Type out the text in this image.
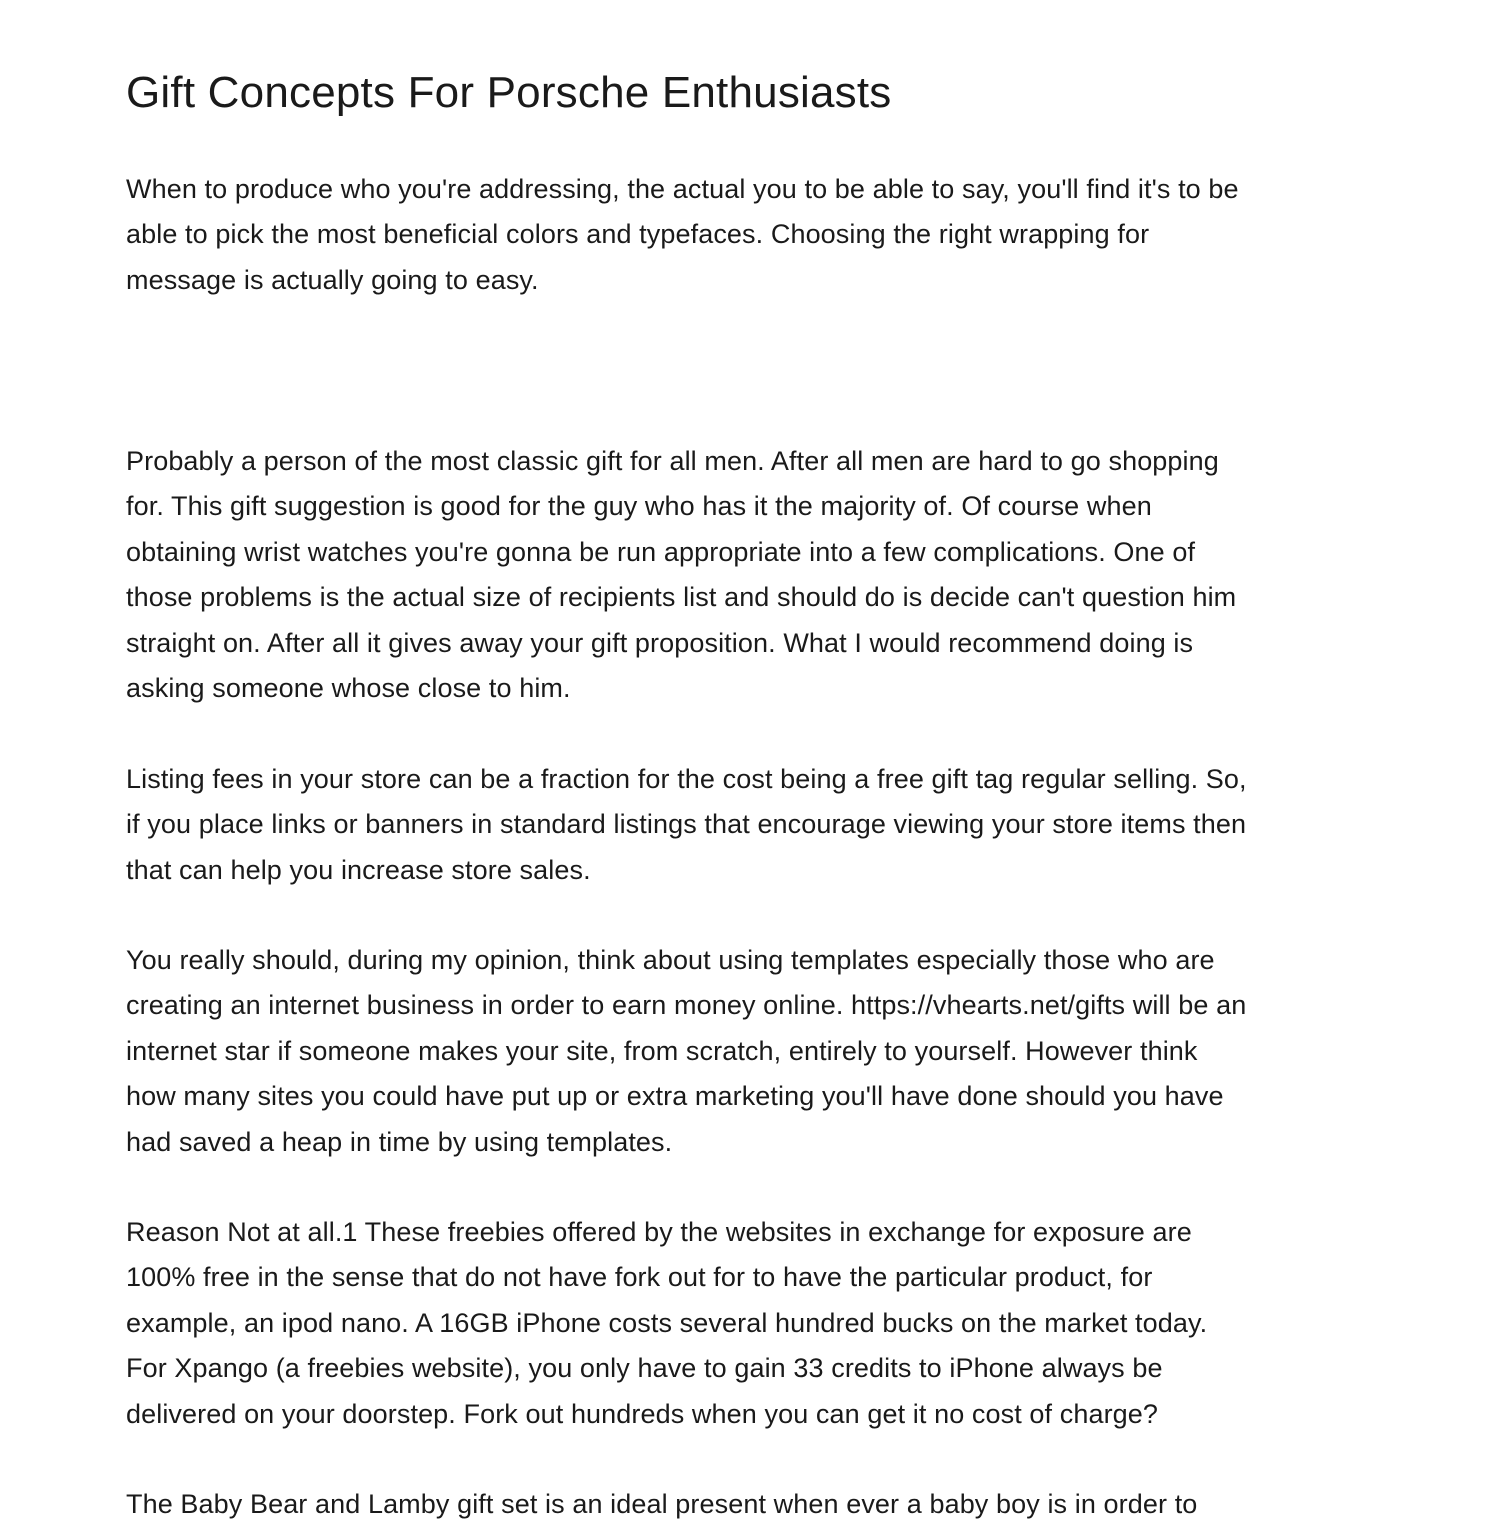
Gift Concepts For Porsche Enthusiasts

When to produce who you're addressing, the actual you to be able to say, you'll find it's to be
able to pick the most beneficial colors and typefaces. Choosing the right wrapping for
message is actually going to easy.

Probably a person of the most classic gift for all men. After all men are hard to go shopping
for. This gift suggestion is good for the guy who has it the majority of. Of course when
obtaining wrist watches you're gonna be run appropriate into a few complications. One of
those problems is the actual size of recipients list and should do is decide can't question him
straight on. After all it gives away your gift proposition. What I would recommend doing is
asking someone whose close to him.

Listing fees in your store can be a fraction for the cost being a free gift tag regular selling. So,
if you place links or banners in standard listings that encourage viewing your store items then
that can help you increase store sales.

You really should, during my opinion, think about using templates especially those who are
creating an internet business in order to earn money online. https://vhearts.net/gifts will be an
internet star if someone makes your site, from scratch, entirely to yourself. However think
how many sites you could have put up or extra marketing you'll have done should you have
had saved a heap in time by using templates.

Reason Not at all.1 These freebies offered by the websites in exchange for exposure are
100% free in the sense that do not have fork out for to have the particular product, for
example, an ipod nano. A 16GB iPhone costs several hundred bucks on the market today.
For Xpango (a freebies website), you only have to gain 33 credits to iPhone always be
delivered on your doorstep. Fork out hundreds when you can get it no cost of charge?

The Baby Bear and Lamby gift set is an ideal present when ever a baby boy is in order to
